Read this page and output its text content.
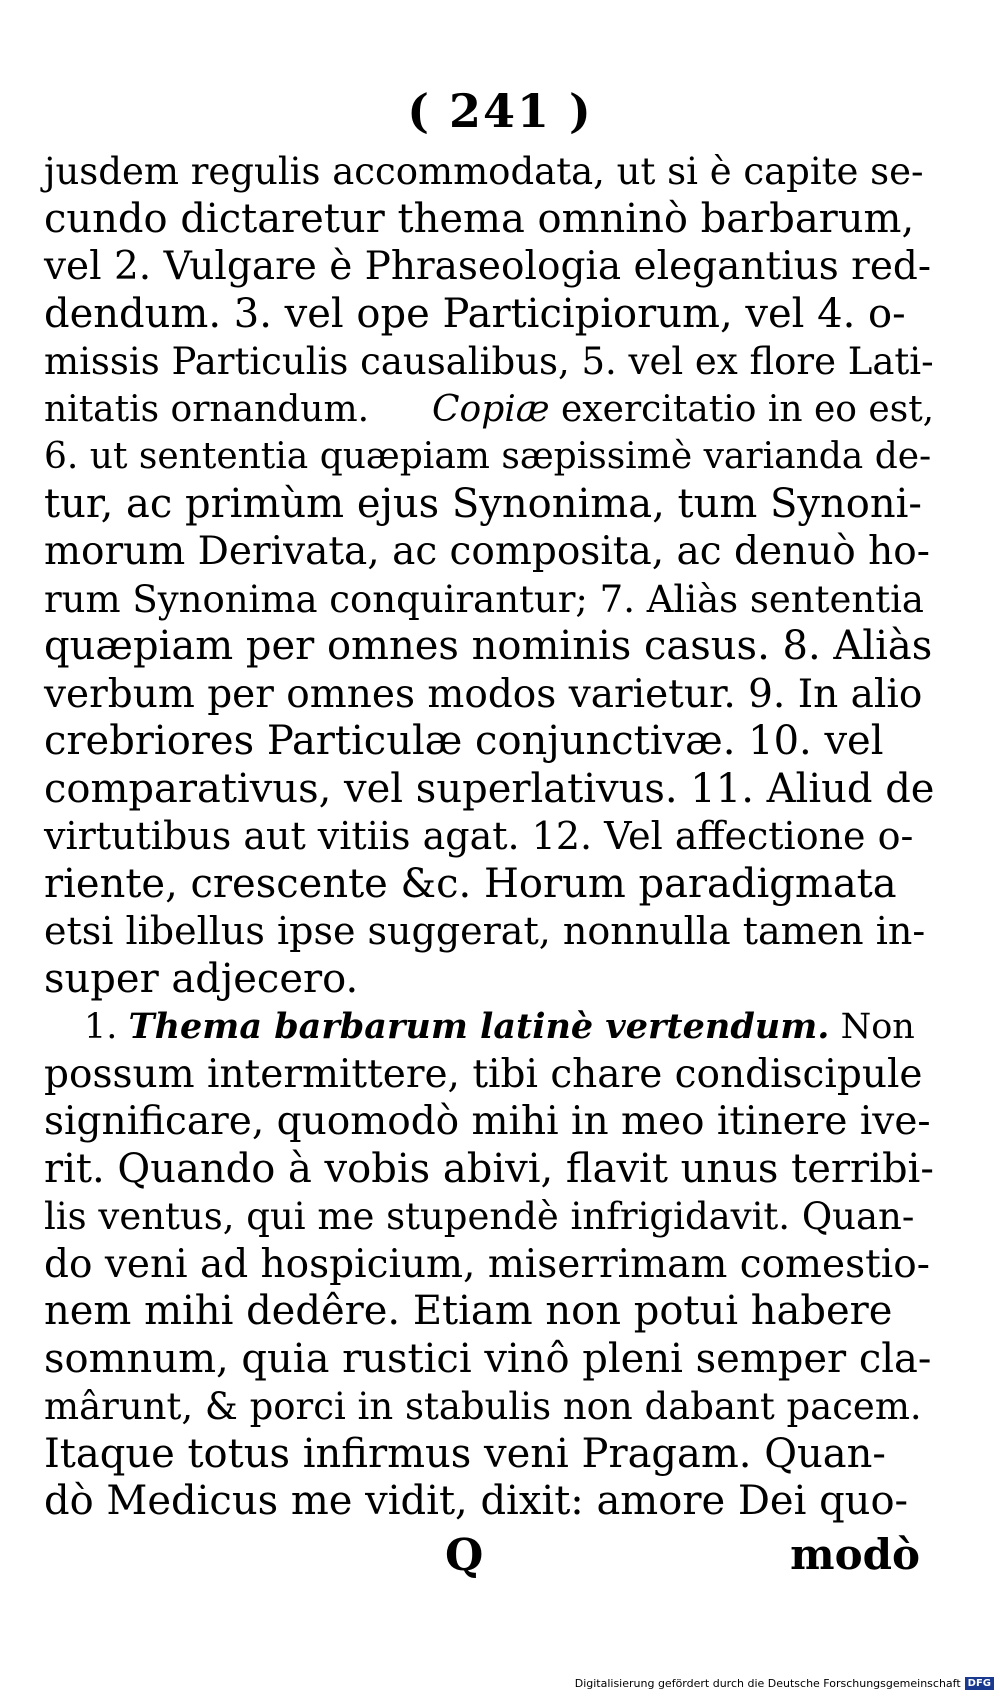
( 241 )
jusdem regulis accommodata, ut si è capite se-
cundo dictaretur thema omninò barbarum,
vel 2. Vulgare è Phraseologia elegantius red-
dendum. 3. vel ope Participiorum, vel 4. o-
missis Particulis causalibus, 5. vel ex flore Lati-
nitatis ornandum. Copiæ exercitatio in eo est,
6. ut sententia quæpiam sæpissimè varianda de-
tur, ac primùm ejus Synonima, tum Synoni-
morum Derivata, ac composita, ac denuò ho-
rum Synonima conquirantur; 7. Aliàs sententia
quæpiam per omnes nominis casus. 8. Aliàs
verbum per omnes modos varietur. 9. In alio
crebriores Particulæ conjunctivæ. 10. vel
comparativus, vel superlativus. 11. Aliud de
virtutibus aut vitiis agat. 12. Vel affectione o-
riente, crescente &c. Horum paradigmata
etsi libellus ipse suggerat, nonnulla tamen in-
super adjecero.
1. Thema barbarum latinè vertendum. Non
possum intermittere, tibi chare condiscipule
significare, quomodò mihi in meo itinere ive-
rit. Quando à vobis abivi, flavit unus terribi-
lis ventus, qui me stupendè infrigidavit. Quan-
do veni ad hospicium, miserrimam comestio-
nem mihi dedêre. Etiam non potui habere
somnum, quia rustici vinô pleni semper cla-
mârunt, & porci in stabulis non dabant pacem.
Itaque totus infirmus veni Pragam. Quan-
dò Medicus me vidit, dixit: amore Dei quo-
Q	modò
Digitalisierung gefördert durch die Deutsche Forschungsgemeinschaft DFG
